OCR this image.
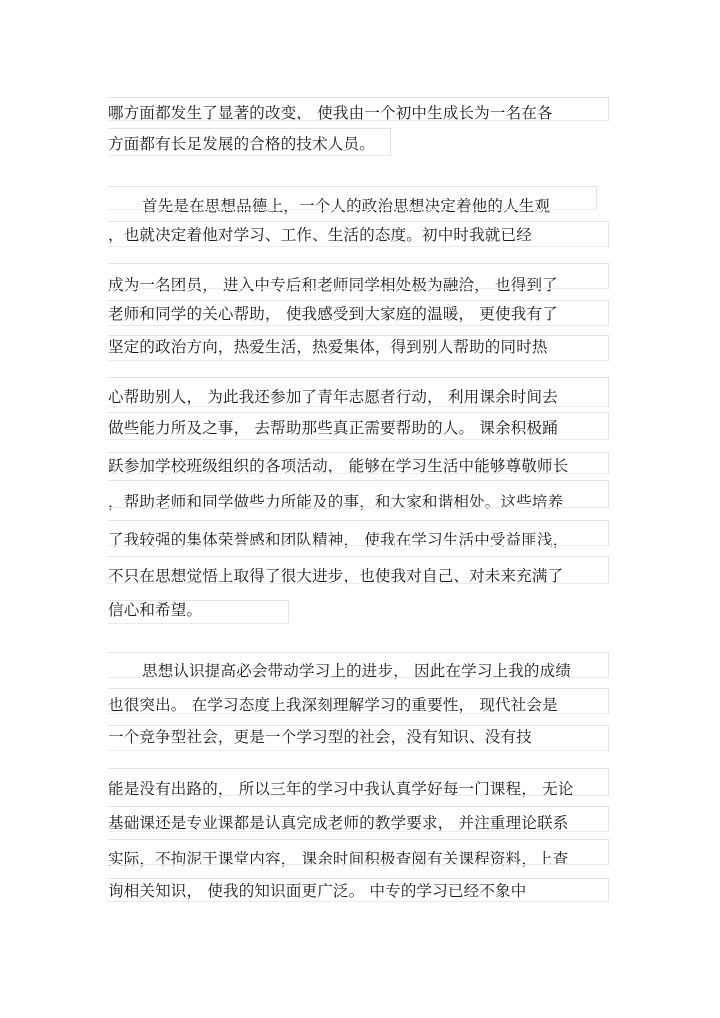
哪方面都发生了显著的改变， 使我由一个初中生成长为一名在各
方面都有长足发展的合格的技术人员。
首先是在思想品德上，一个人的政治思想决定着他的人生观
，也就决定着他对学习、工作、生活的态度。初中时我就已经
成为一名团员， 进入中专后和老师同学相处极为融洽， 也得到了
老师和同学的关心帮助， 使我感受到大家庭的温暖， 更使我有了
坚定的政治方向，热爱生活，热爱集体，得到别人帮助的同时热
心帮助别人， 为此我还参加了青年志愿者行动， 利用课余时间去
做些能力所及之事， 去帮助那些真正需要帮助的人。 课余积极踊
跃参加学校班级组织的各项活动， 能够在学习生活中能够尊敬师长
，帮助老师和同学做些力所能及的事，和大家和谐相处。这些培养
了我较强的集体荣誉感和团队精神， 使我在学习生活中受益匪浅，
不只在思想觉悟上取得了很大进步，也使我对自己、对未来充满了
信心和希望。
思想认识提高必会带动学习上的进步， 因此在学习上我的成绩
也很突出。 在学习态度上我深刻理解学习的重要性， 现代社会是
一个竞争型社会，更是一个学习型的社会，没有知识、没有技
能是没有出路的， 所以三年的学习中我认真学好每一门课程， 无论
基础课还是专业课都是认真完成老师的教学要求， 并注重理论联系
实际，不拘泥于课堂内容， 课余时间积极查阅有关课程资料，上查
询相关知识， 使我的知识面更广泛。 中专的学习已经不象中
